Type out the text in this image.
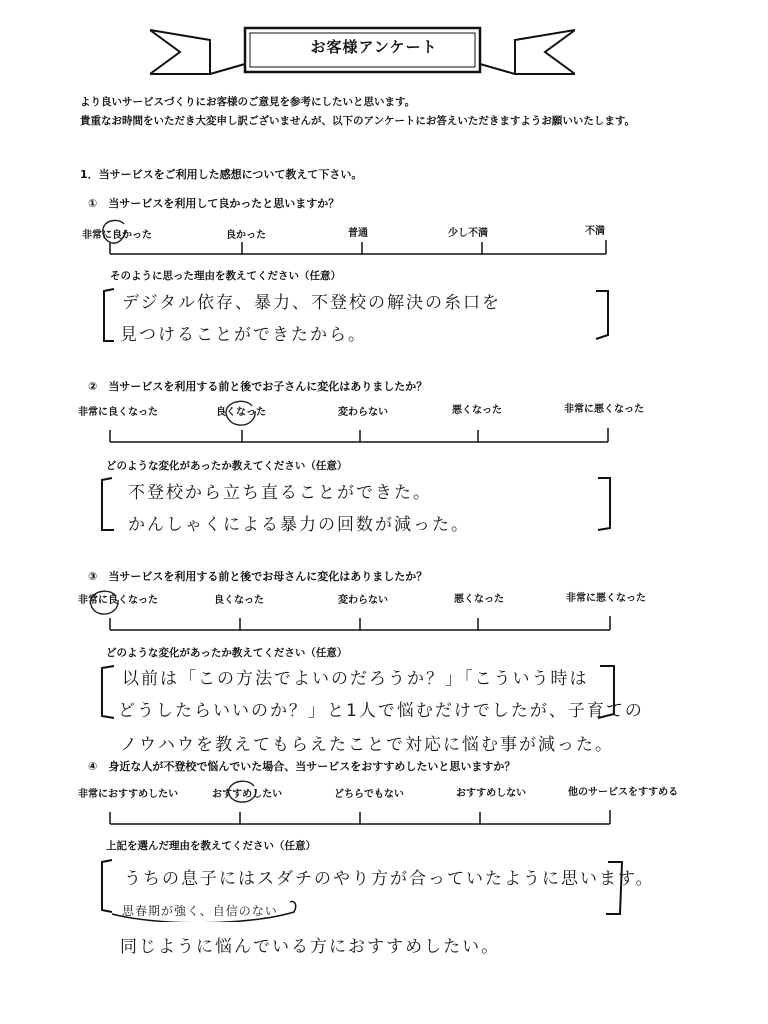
お客様アンケート
より良いサービスづくりにお客様のご意見を参考にしたいと思います。
貴重なお時間をいただき大変申し訳ございませんが、以下のアンケートにお答えいただきますようお願いいたします。
1．当サービスをご利用した感想について教えて下さい。
①　当サービスを利用して良かったと思いますか？
非常に良かった	良かった	普通	少し不満	不満
そのように思った理由を教えてください（任意）
デジタル依存、暴力、不登校の解決の糸口を
見つけることができたから。
②　当サービスを利用する前と後でお子さんに変化はありましたか？
非常に良くなった	良くなった	変わらない	悪くなった	非常に悪くなった
どのような変化があったか教えてください（任意）
不登校から立ち直ることができた。
かんしゃくによる暴力の回数が減った。
③　当サービスを利用する前と後でお母さんに変化はありましたか？
非常に良くなった	良くなった	変わらない	悪くなった	非常に悪くなった
どのような変化があったか教えてください（任意）
以前は「この方法でよいのだろうか？」「こういう時は
どうしたらいいのか？」と1人で悩むだけでしたが、子育ての
ノウハウを教えてもらえたことで対応に悩む事が減った。
④　身近な人が不登校で悩んでいた場合、当サービスをおすすめしたいと思いますか？
非常におすすめしたい	おすすめしたい	どちらでもない	おすすめしない	他のサービスをすすめる
上記を選んだ理由を教えてください（任意）
うちの息子にはスダチのやり方が合っていたように思います。
思春期が強く、自信のない
同じように悩んでいる方におすすめしたい。
